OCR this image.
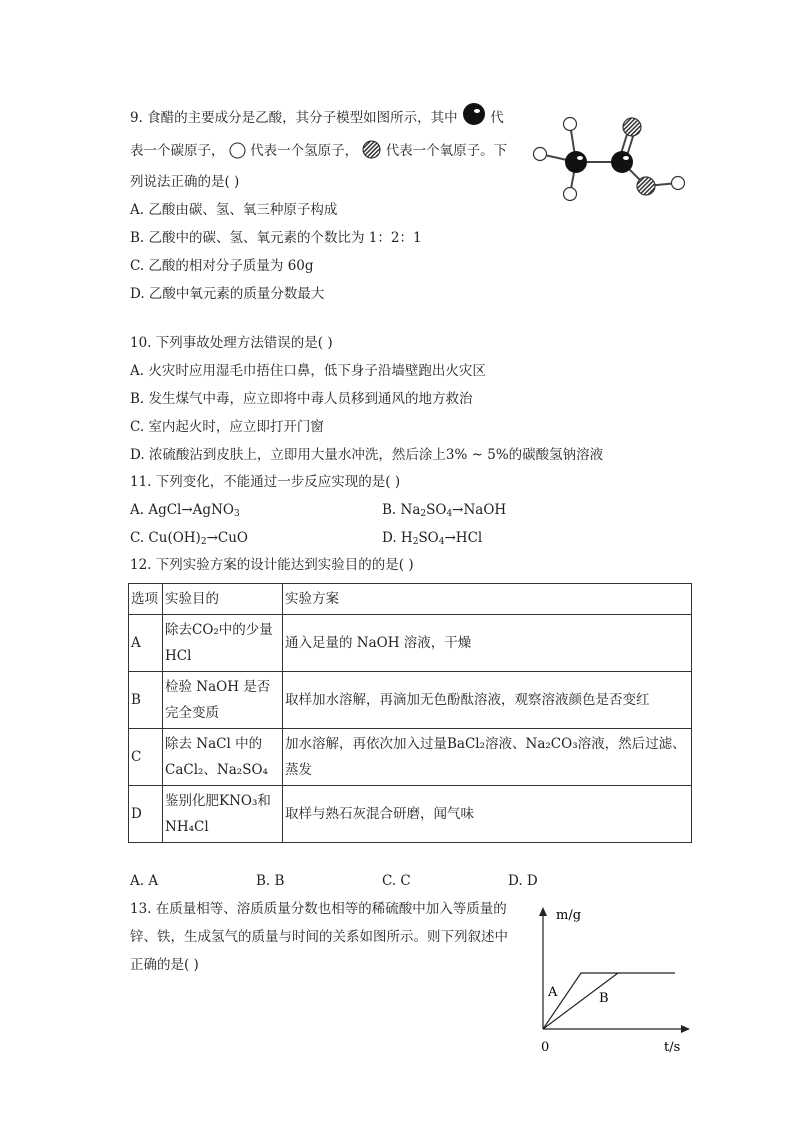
9. 食醋的主要成分是乙酸，其分子模型如图所示，其中 代
表一个碳原子， 代表一个氢原子， 代表一个氧原子。下
列说法正确的是( )
A. 乙酸由碳、氢、氧三种原子构成
B. 乙酸中的碳、氢、氧元素的个数比为 1：2：1
C. 乙酸的相对分子质量为 60g
D. 乙酸中氧元素的质量分数最大
10. 下列事故处理方法错误的是( )
A. 火灾时应用湿毛巾捂住口鼻，低下身子沿墙壁跑出火灾区
B. 发生煤气中毒，应立即将中毒人员移到通风的地方救治
C. 室内起火时，应立即打开门窗
D. 浓硫酸沾到皮肤上，立即用大量水冲洗，然后涂上3% ~ 5%的碳酸氢钠溶液
11. 下列变化，不能通过一步反应实现的是( )
A. AgCl→AgNO$_3$	B. $Na_2SO_4\to NaOH$
C. $Cu(OH)_2\to CuO$	D. $H_2SO_4\to HCl$
12. 下列实验方案的设计能达到实验目的的是( )
选项	实验目的	实验方案
A	除去CO₂中的少量HCl	通入足量的 NaOH 溶液，干燥
B	检验 NaOH 是否完全变质	取样加水溶解，再滴加无色酚酞溶液，观察溶液颜色是否变红
C	除去 NaCl 中的CaCl₂、Na₂SO₄	加水溶解，再依次加入过量BaCl₂溶液、Na₂CO₃溶液，然后过滤、蒸发
D	鉴别化肥KNO₃和NH₄Cl	取样与熟石灰混合研磨，闻气味
A. A	B. B	C. C	D. D
13. 在质量相等、溶质质量分数也相等的稀硫酸中加入等质量的
锌、铁，生成氢气的质量与时间的关系如图所示。则下列叙述中
正确的是( )
m/g
t/s
0
A	B
